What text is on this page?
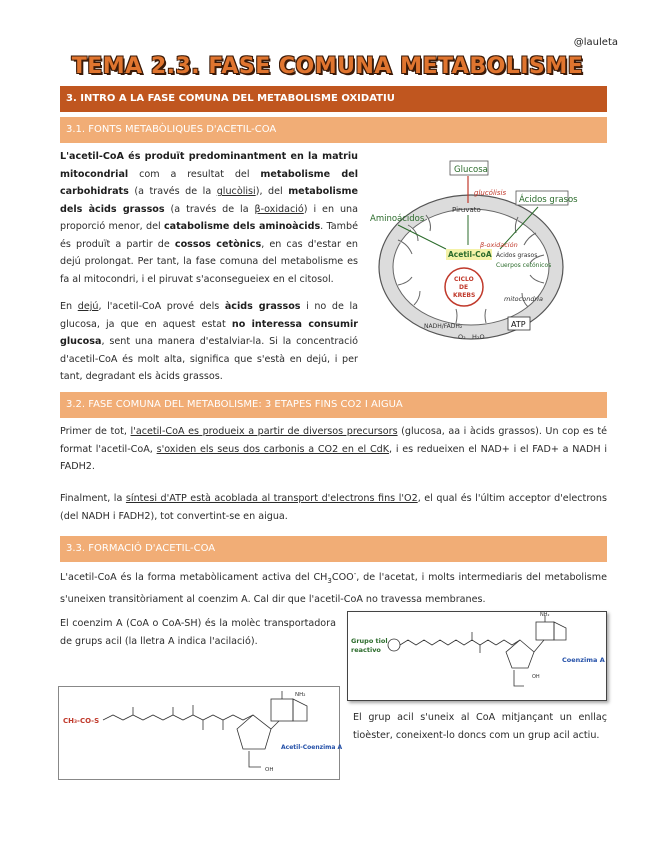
@lauleta
TEMA 2.3. FASE COMUNA METABOLISME
3. INTRO A LA FASE COMUNA DEL METABOLISME OXIDATIU
3.1. FONTS METABÒLIQUES D'ACETIL-COA
L'acetil-CoA és produït predominantment en la matriu mitocondrial com a resultat del metabolisme del carbohidrats (a través de la glucòlisi), del metabolisme dels àcids grassos (a través de la β-oxidació) i en una proporció menor, del catabolisme dels aminoàcids. També és produït a partir de cossos cetònics, en cas d'estar en dejú prolongat. Per tant, la fase comuna del metabolisme es fa al mitocondri, i el piruvat s'aconsegueiex en el citosol.
En dejú, l'acetil-CoA prové dels àcids grassos i no de la glucosa, ja que en aquest estat no interessa consumir glucosa, sent una manera d'estalviar-la. Si la concentració d'acetil-CoA és molt alta, significa que s'està en dejú, i per tant, degradant els àcids grassos.
Glucosa
glucólisis
Piruvato
Ácidos grasos
Aminoácidos
β-oxidación
Acetil-CoA Ácidos grasos
Cuerpos cetónicos
CICLO
DE
KREBS	mitocondria
NADH/FADH₂	ATP
O₂ H₂O
3.2. FASE COMUNA DEL METABOLISME: 3 ETAPES FINS CO2 I AIGUA
Primer de tot, l'acetil-CoA es produeix a partir de diversos precursors (glucosa, aa i àcids grassos). Un cop es té format l'acetil-CoA, s'oxiden els seus dos carbonis a CO2 en el CdK, i es redueixen el NAD+ i el FAD+ a NADH i FADH2.
Finalment, la síntesi d'ATP està acoblada al transport d'electrons fins l'O2, el qual és l'últim acceptor d'electrons (del NADH i FADH2), tot convertint-se en aigua.
3.3. FORMACIÓ D'ACETIL-COA
L'acetil-CoA és la forma metabòlicament activa del $CH_3COO^-$, de l'acetat, i molts intermediaris del metabolisme s'uneixen transitòriament al coenzim A. Cal dir que l'acetil-CoA no travessa membranes.
El coenzim A (CoA o CoA-SH) és la molèc transportadora de grups acil (la lletra A indica l'acilació).	Grupo tiol
reactivo
NH₂
OH
Coenzima A
CH₃-CO-S
NH₂
Acetil-Coenzima A
OH
El grup acil s'uneix al CoA mitjançant un enllaç tioèster, coneixent-lo doncs com un grup acil actiu.
